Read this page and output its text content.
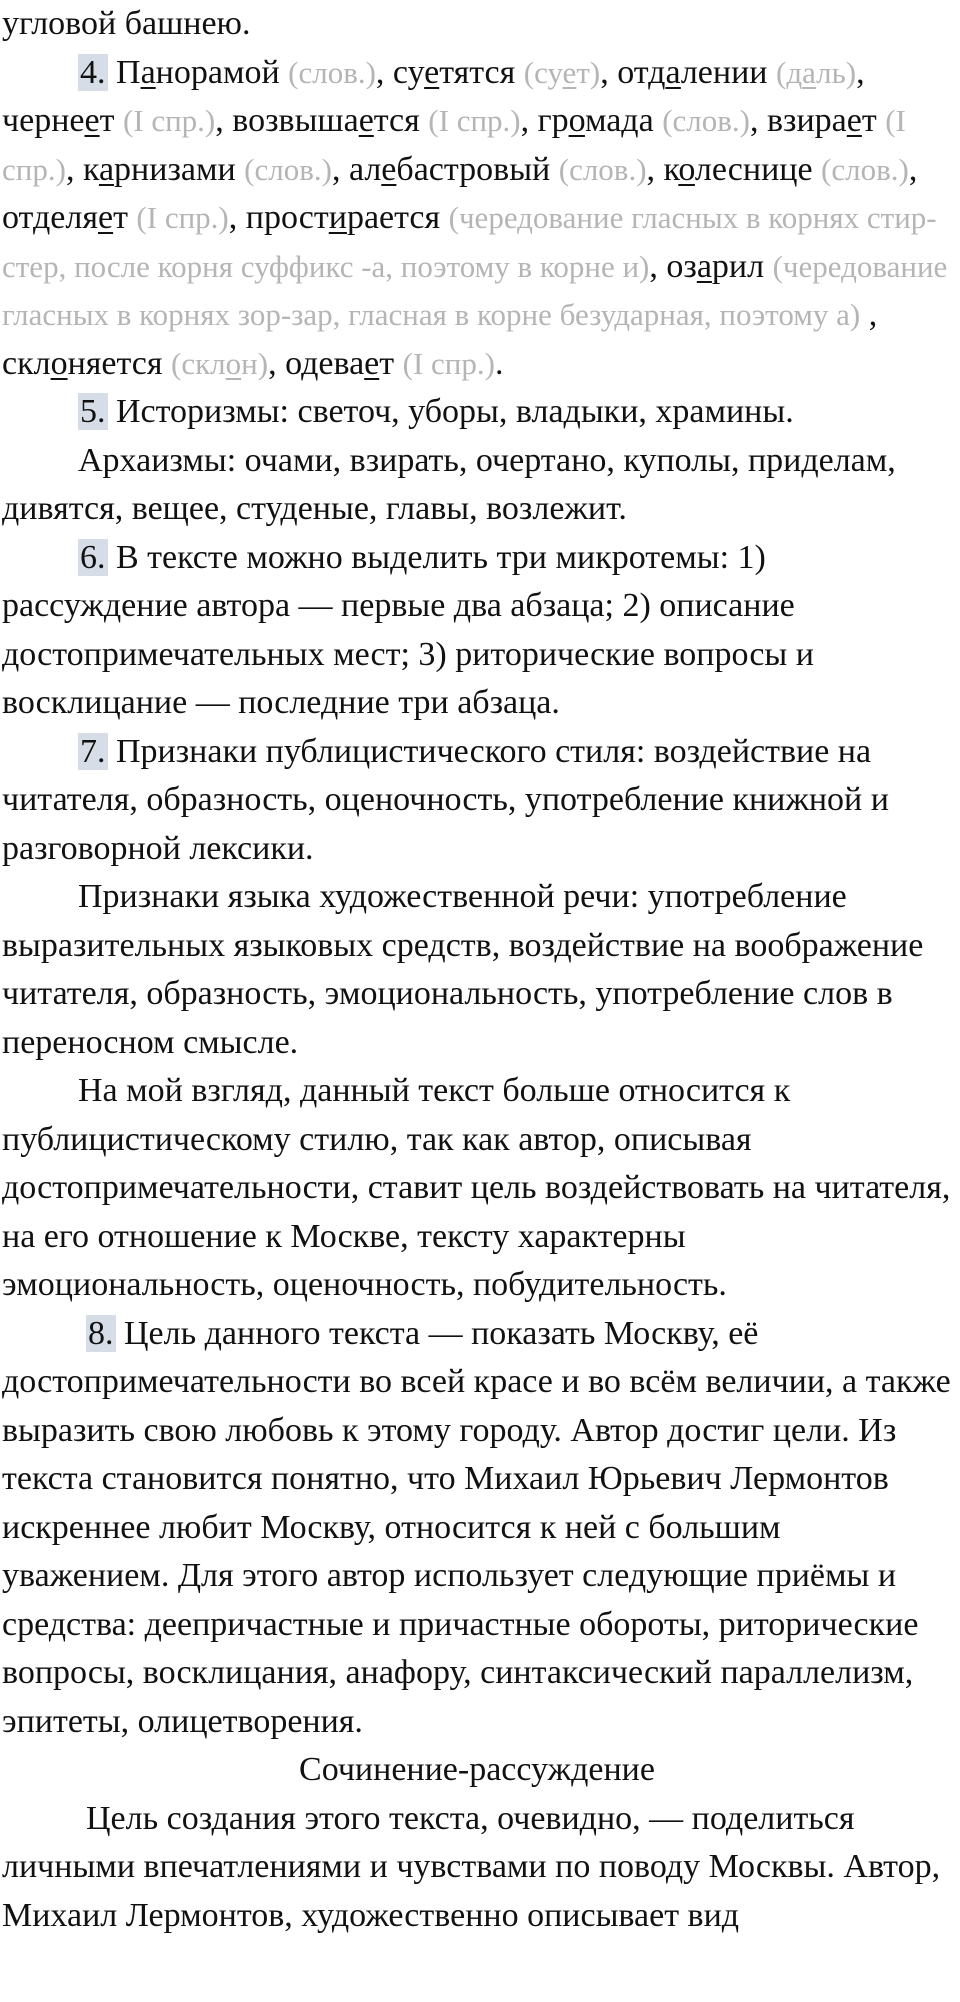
угловой башнею.

4. Панорамой (слов.), суетятся (сует), отдалении (даль), чернеет (I спр.), возвышается (I спр.), громада (слов.), взирает (I спр.), карнизами (слов.), алебастровый (слов.), колеснице (слов.), отделяет (I спр.), простирается (чередование гласных в корнях стир-стер, после корня суффикс -а, поэтому в корне и), озарил (чередование гласных в корнях зор-зар, гласная в корне безударная, поэтому а) , склоняется (склон), одевает (I спр.).

5. Историзмы: светоч, уборы, владыки, храмины.

Архаизмы: очами, взирать, очертано, куполы, приделам, дивятся, вещее, студеные, главы, возлежит.

6. В тексте можно выделить три микротемы: 1) рассуждение автора — первые два абзаца; 2) описание достопримечательных мест; 3) риторические вопросы и восклицание — последние три абзаца.

7. Признаки публицистического стиля: воздействие на читателя, образность, оценочность, употребление книжной и разговорной лексики.

Признаки языка художественной речи: употребление выразительных языковых средств, воздействие на воображение читателя, образность, эмоциональность, употребление слов в переносном смысле.

На мой взгляд, данный текст больше относится к публицистическому стилю, так как автор, описывая достопримечательности, ставит цель воздействовать на читателя, на его отношение к Москве, тексту характерны эмоциональность, оценочность, побудительность.

8. Цель данного текста — показать Москву, её достопримечательности во всей красе и во всём величии, а также выразить свою любовь к этому городу. Автор достиг цели. Из текста становится понятно, что Михаил Юрьевич Лермонтов искреннее любит Москву, относится к ней с большим уважением. Для этого автор использует следующие приёмы и средства: деепричастные и причастные обороты, риторические вопросы, восклицания, анафору, синтаксический параллелизм, эпитеты, олицетворения.

Сочинение-рассуждение

Цель создания этого текста, очевидно, — поделиться личными впечатлениями и чувствами по поводу Москвы. Автор, Михаил Лермонтов, художественно описывает вид
